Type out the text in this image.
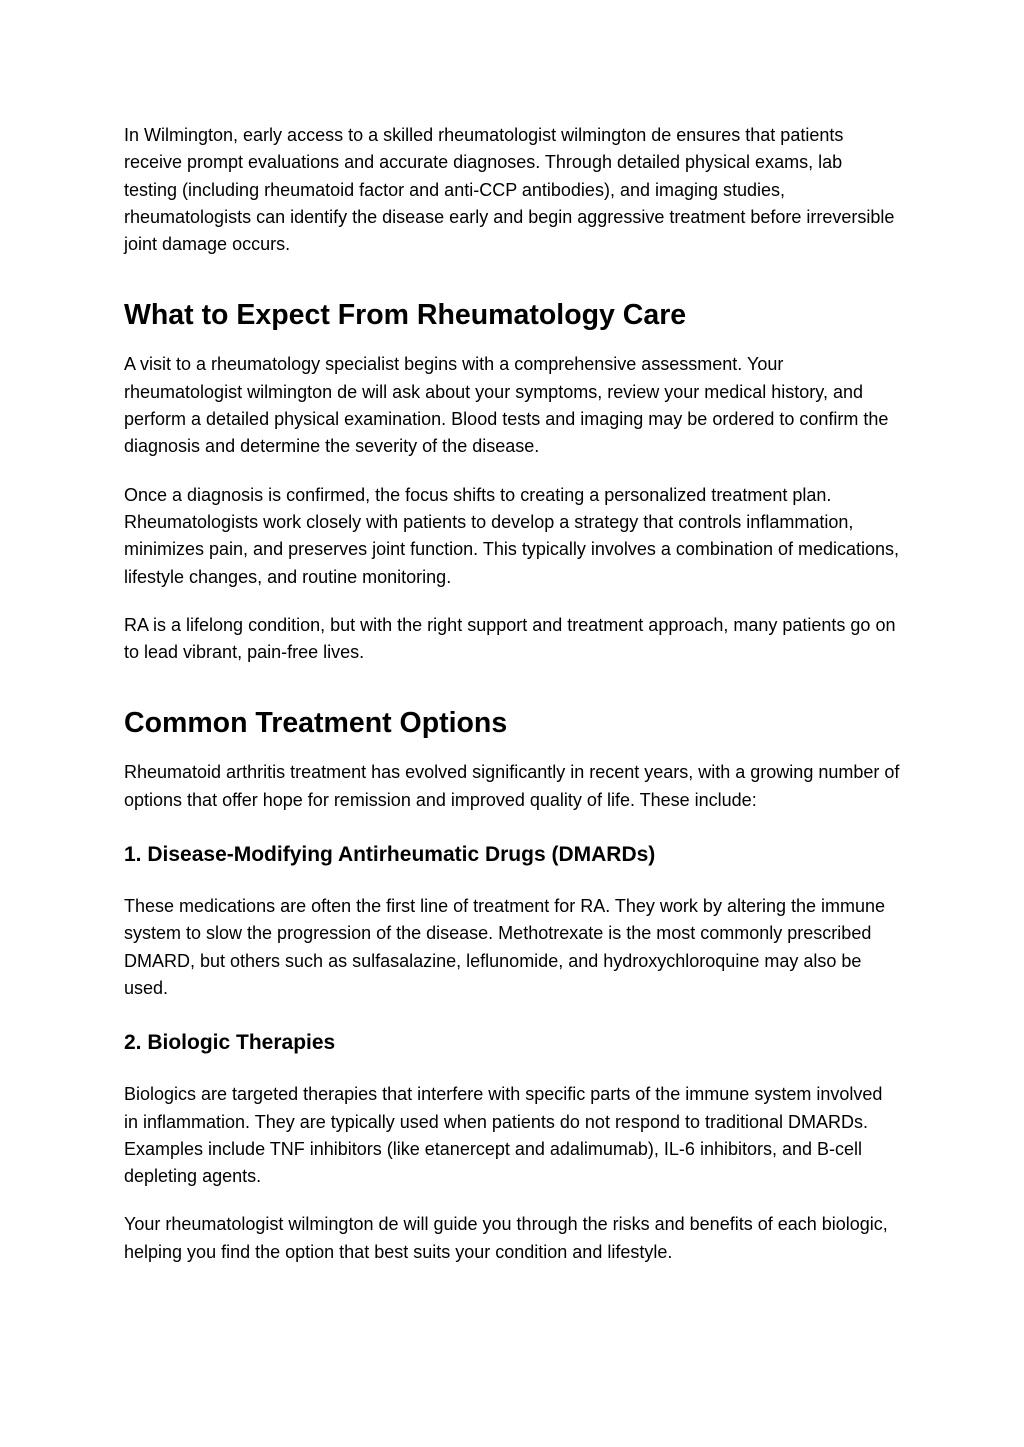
In Wilmington, early access to a skilled rheumatologist wilmington de ensures that patients receive prompt evaluations and accurate diagnoses. Through detailed physical exams, lab testing (including rheumatoid factor and anti-CCP antibodies), and imaging studies, rheumatologists can identify the disease early and begin aggressive treatment before irreversible joint damage occurs.

What to Expect From Rheumatology Care

A visit to a rheumatology specialist begins with a comprehensive assessment. Your rheumatologist wilmington de will ask about your symptoms, review your medical history, and perform a detailed physical examination. Blood tests and imaging may be ordered to confirm the diagnosis and determine the severity of the disease.

Once a diagnosis is confirmed, the focus shifts to creating a personalized treatment plan. Rheumatologists work closely with patients to develop a strategy that controls inflammation, minimizes pain, and preserves joint function. This typically involves a combination of medications, lifestyle changes, and routine monitoring.

RA is a lifelong condition, but with the right support and treatment approach, many patients go on to lead vibrant, pain-free lives.

Common Treatment Options

Rheumatoid arthritis treatment has evolved significantly in recent years, with a growing number of options that offer hope for remission and improved quality of life. These include:

1. Disease-Modifying Antirheumatic Drugs (DMARDs)

These medications are often the first line of treatment for RA. They work by altering the immune system to slow the progression of the disease. Methotrexate is the most commonly prescribed DMARD, but others such as sulfasalazine, leflunomide, and hydroxychloroquine may also be used.

2. Biologic Therapies

Biologics are targeted therapies that interfere with specific parts of the immune system involved in inflammation. They are typically used when patients do not respond to traditional DMARDs. Examples include TNF inhibitors (like etanercept and adalimumab), IL-6 inhibitors, and B-cell depleting agents.

Your rheumatologist wilmington de will guide you through the risks and benefits of each biologic, helping you find the option that best suits your condition and lifestyle.
